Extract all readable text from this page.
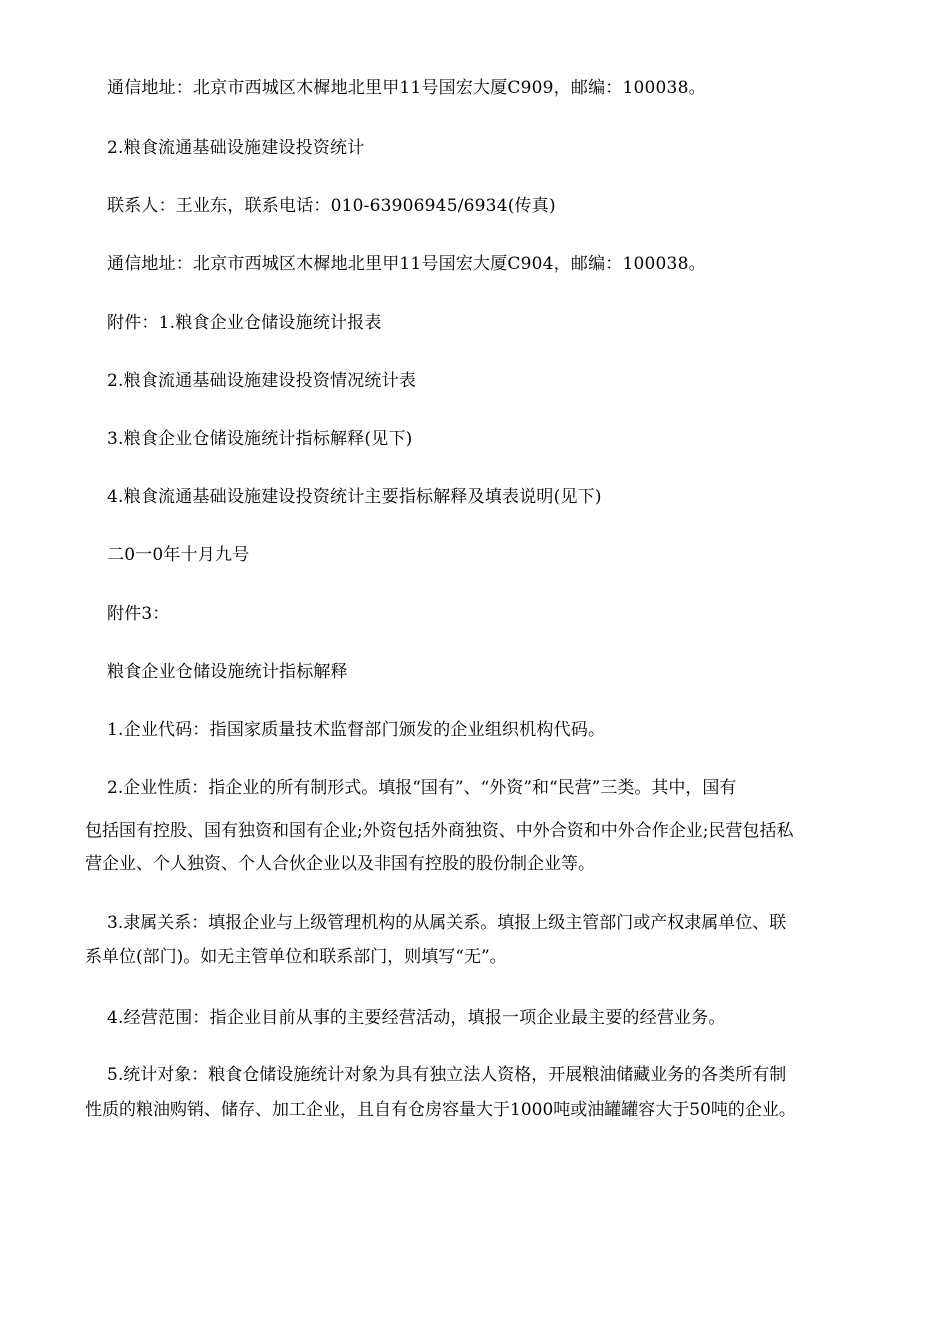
通信地址：北京市西城区木樨地北里甲11号国宏大厦C909，邮编：100038。

2.粮食流通基础设施建设投资统计

联系人：王业东，联系电话：010-63906945/6934(传真)

通信地址：北京市西城区木樨地北里甲11号国宏大厦C904，邮编：100038。

附件：1.粮食企业仓储设施统计报表

2.粮食流通基础设施建设投资情况统计表

3.粮食企业仓储设施统计指标解释(见下)

4.粮食流通基础设施建设投资统计主要指标解释及填表说明(见下)

二0一0年十月九号

附件3：

粮食企业仓储设施统计指标解释

1.企业代码：指国家质量技术监督部门颁发的企业组织机构代码。

2.企业性质：指企业的所有制形式。填报“国有”、“外资”和“民营”三类。其中，国有
包括国有控股、国有独资和国有企业;外资包括外商独资、中外合资和中外合作企业;民营包括私
营企业、个人独资、个人合伙企业以及非国有控股的股份制企业等。
3.隶属关系：填报企业与上级管理机构的从属关系。填报上级主管部门或产权隶属单位、联
系单位(部门)。如无主管单位和联系部门，则填写“无”。

4.经营范围：指企业目前从事的主要经营活动，填报一项企业最主要的经营业务。

5.统计对象：粮食仓储设施统计对象为具有独立法人资格，开展粮油储藏业务的各类所有制
性质的粮油购销、储存、加工企业，且自有仓房容量大于1000吨或油罐罐容大于50吨的企业。
